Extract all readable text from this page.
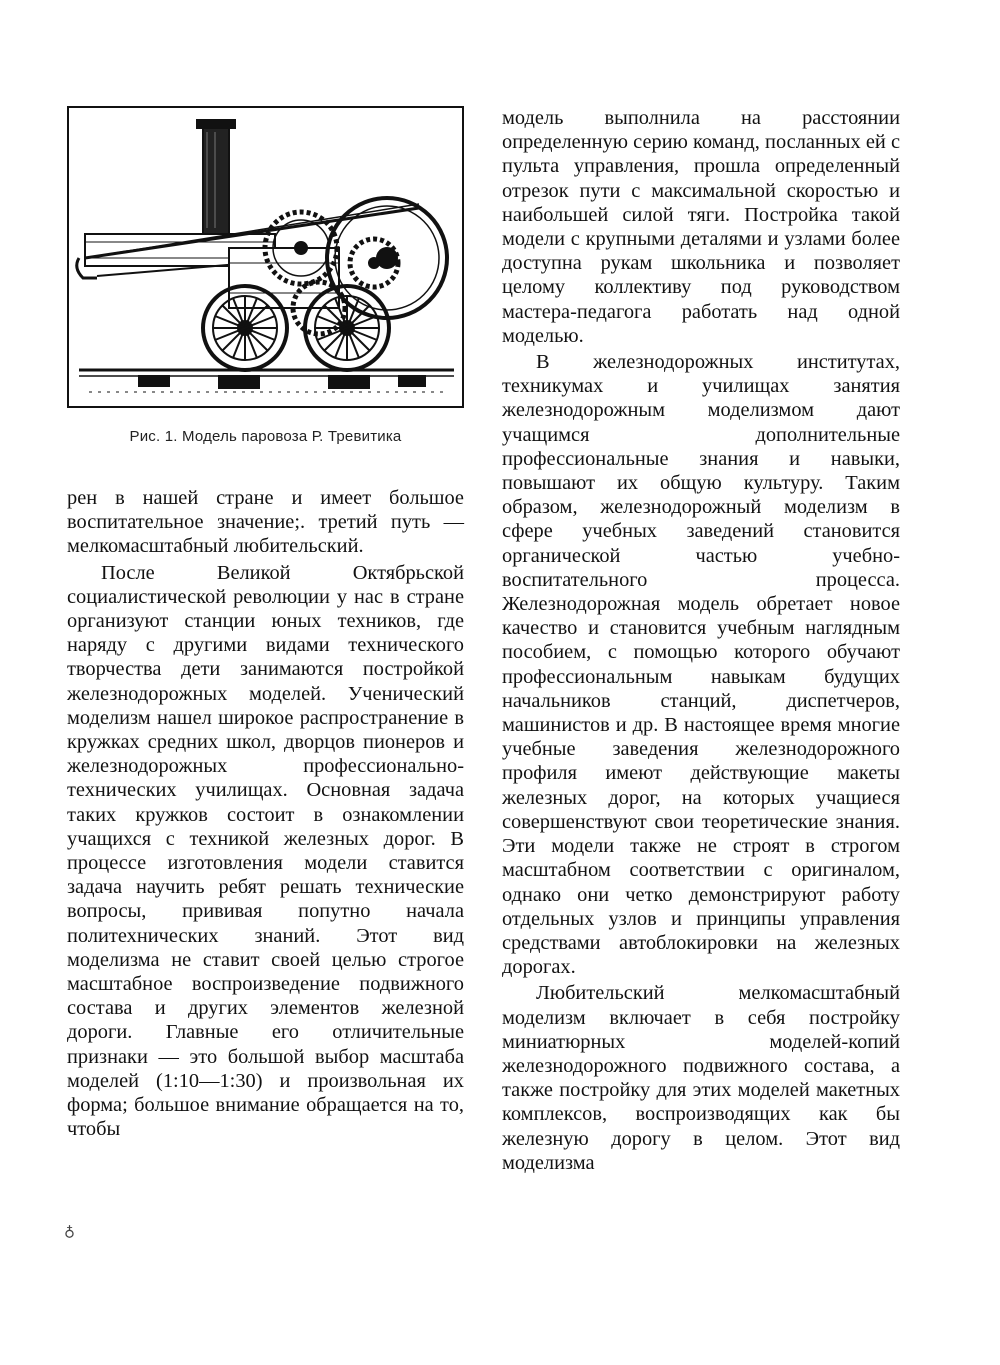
Рис. 1. Модель паровоза Р. Тревитика

рен в нашей стране и имеет большое воспитательное значение;. третий путь — мелкомасштабный любительский.

После Великой Октябрьской социалистической революции у нас в стране организуют станции юных техников, где наряду с другими видами технического творчества дети занимаются постройкой железнодорожных моделей. Ученический моделизм нашел широкое распространение в кружках средних школ, дворцов пионеров и железнодорожных профессионально-технических училищах. Основная задача таких кружков состоит в ознакомлении учащихся с техникой железных дорог. В процессе изготовления модели ставится задача научить ребят решать технические вопросы, прививая попутно начала политехнических знаний. Этот вид моделизма не ставит своей целью строгое масштабное воспроизведение подвижного состава и других элементов железной дороги. Главные его отличительные признаки — это большой выбор масштаба моделей (1:10—1:30) и произвольная их форма; большое внимание обращается на то, чтобы

модель выполнила на расстоянии определенную серию команд, посланных ей с пульта управления, прошла определенный отрезок пути с максимальной скоростью и наибольшей силой тяги. Постройка такой модели с крупными деталями и узлами более доступна рукам школьника и позволяет целому коллективу под руководством мастера-педагога работать над одной моделью.

В железнодорожных институтах, техникумах и училищах занятия железнодорожным моделизмом дают учащимся дополнительные профессиональные знания и навыки, повышают их общую культуру. Таким образом, железнодорожный моделизм в сфере учебных заведений становится органической частью учебно-воспитательного процесса. Железнодорожная модель обретает новое качество и становится учебным наглядным пособием, с помощью которого обучают профессиональным навыкам будущих начальников станций, диспетчеров, машинистов и др. В настоящее время многие учебные заведения железнодорожного профиля имеют действующие макеты железных дорог, на которых учащиеся совершенствуют свои теоретические знания. Эти модели также не строят в строгом масштабном соответствии с оригиналом, однако они четко демонстрируют работу отдельных узлов и принципы управления средствами автоблокировки на железных дорогах.

Любительский мелкомасштабный моделизм включает в себя постройку миниатюрных моделей-копий железнодорожного подвижного состава, а также постройку для этих моделей макетных комплексов, воспроизводящих как бы железную дорогу в целом. Этот вид моделизма

♁
